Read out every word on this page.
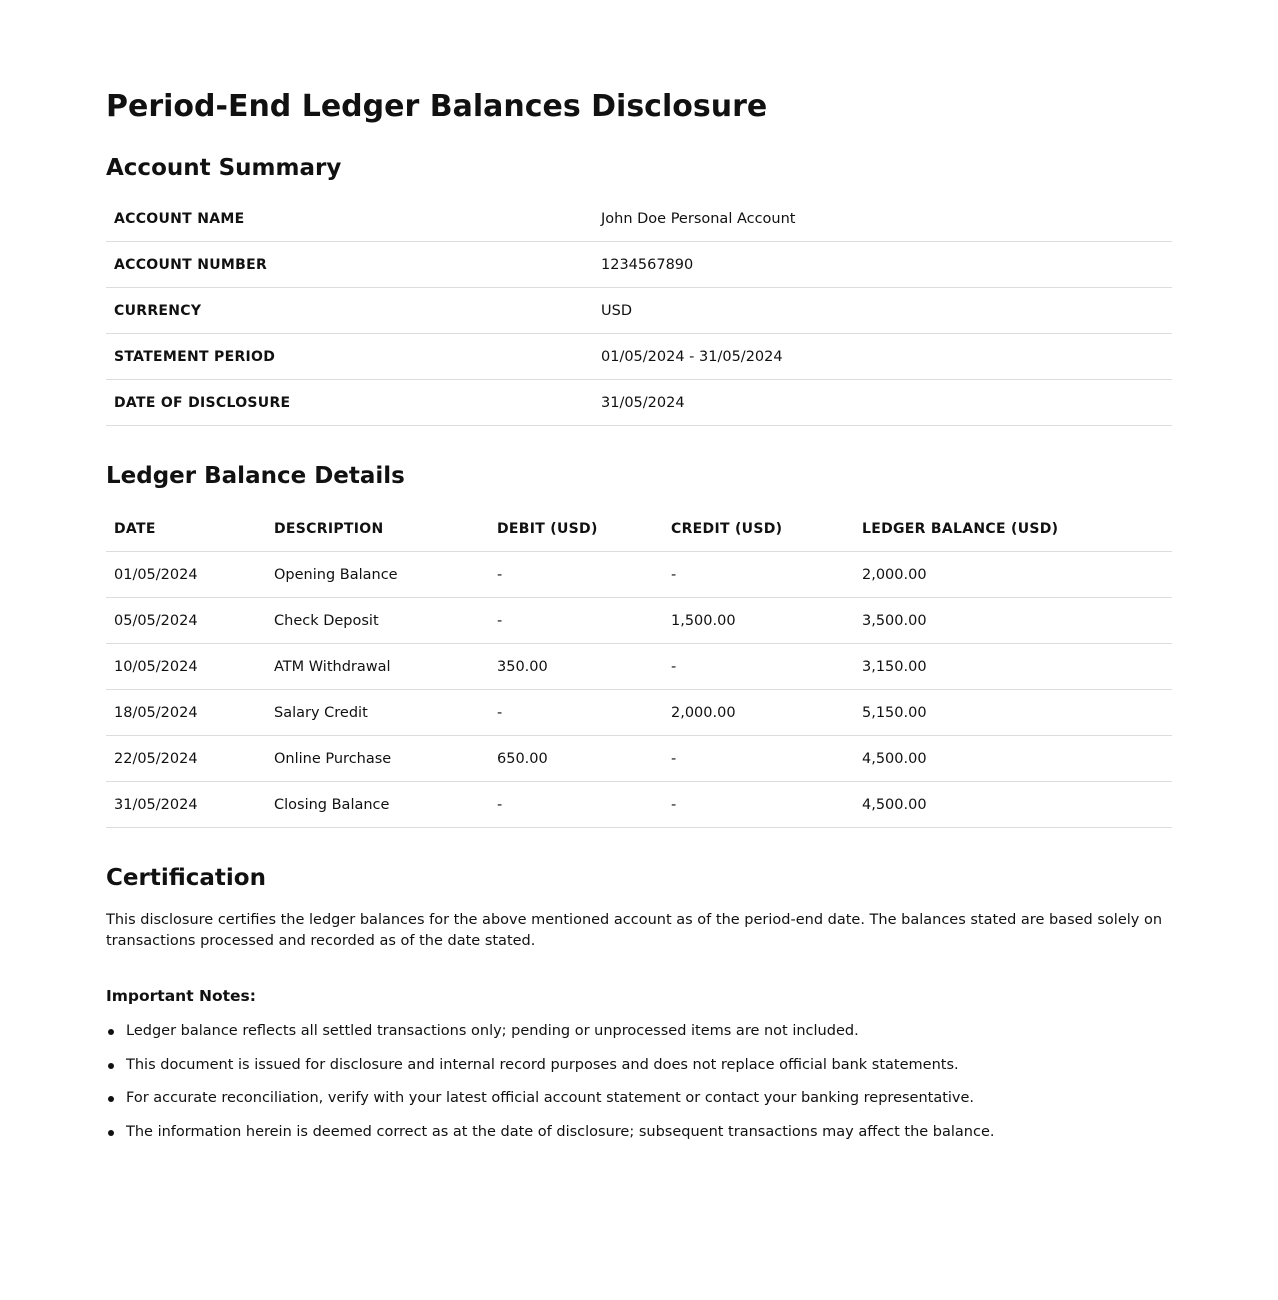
Period-End Ledger Balances Disclosure
Account Summary
ACCOUNT NAME	John Doe Personal Account
ACCOUNT NUMBER	1234567890
CURRENCY	USD
STATEMENT PERIOD	01/05/2024 - 31/05/2024
DATE OF DISCLOSURE	31/05/2024
Ledger Balance Details
DATE	DESCRIPTION	DEBIT (USD)	CREDIT (USD)	LEDGER BALANCE (USD)
01/05/2024	Opening Balance	-	-	2,000.00
05/05/2024	Check Deposit	-	1,500.00	3,500.00
10/05/2024	ATM Withdrawal	350.00	-	3,150.00
18/05/2024	Salary Credit	-	2,000.00	5,150.00
22/05/2024	Online Purchase	650.00	-	4,500.00
31/05/2024	Closing Balance	-	-	4,500.00
Certification

This disclosure certifies the ledger balances for the above mentioned account as of the period-end date. The balances stated are based solely on transactions processed and recorded as of the date stated.

Important Notes:

Ledger balance reflects all settled transactions only; pending or unprocessed items are not included.
This document is issued for disclosure and internal record purposes and does not replace official bank statements.
For accurate reconciliation, verify with your latest official account statement or contact your banking representative.
The information herein is deemed correct as at the date of disclosure; subsequent transactions may affect the balance.
